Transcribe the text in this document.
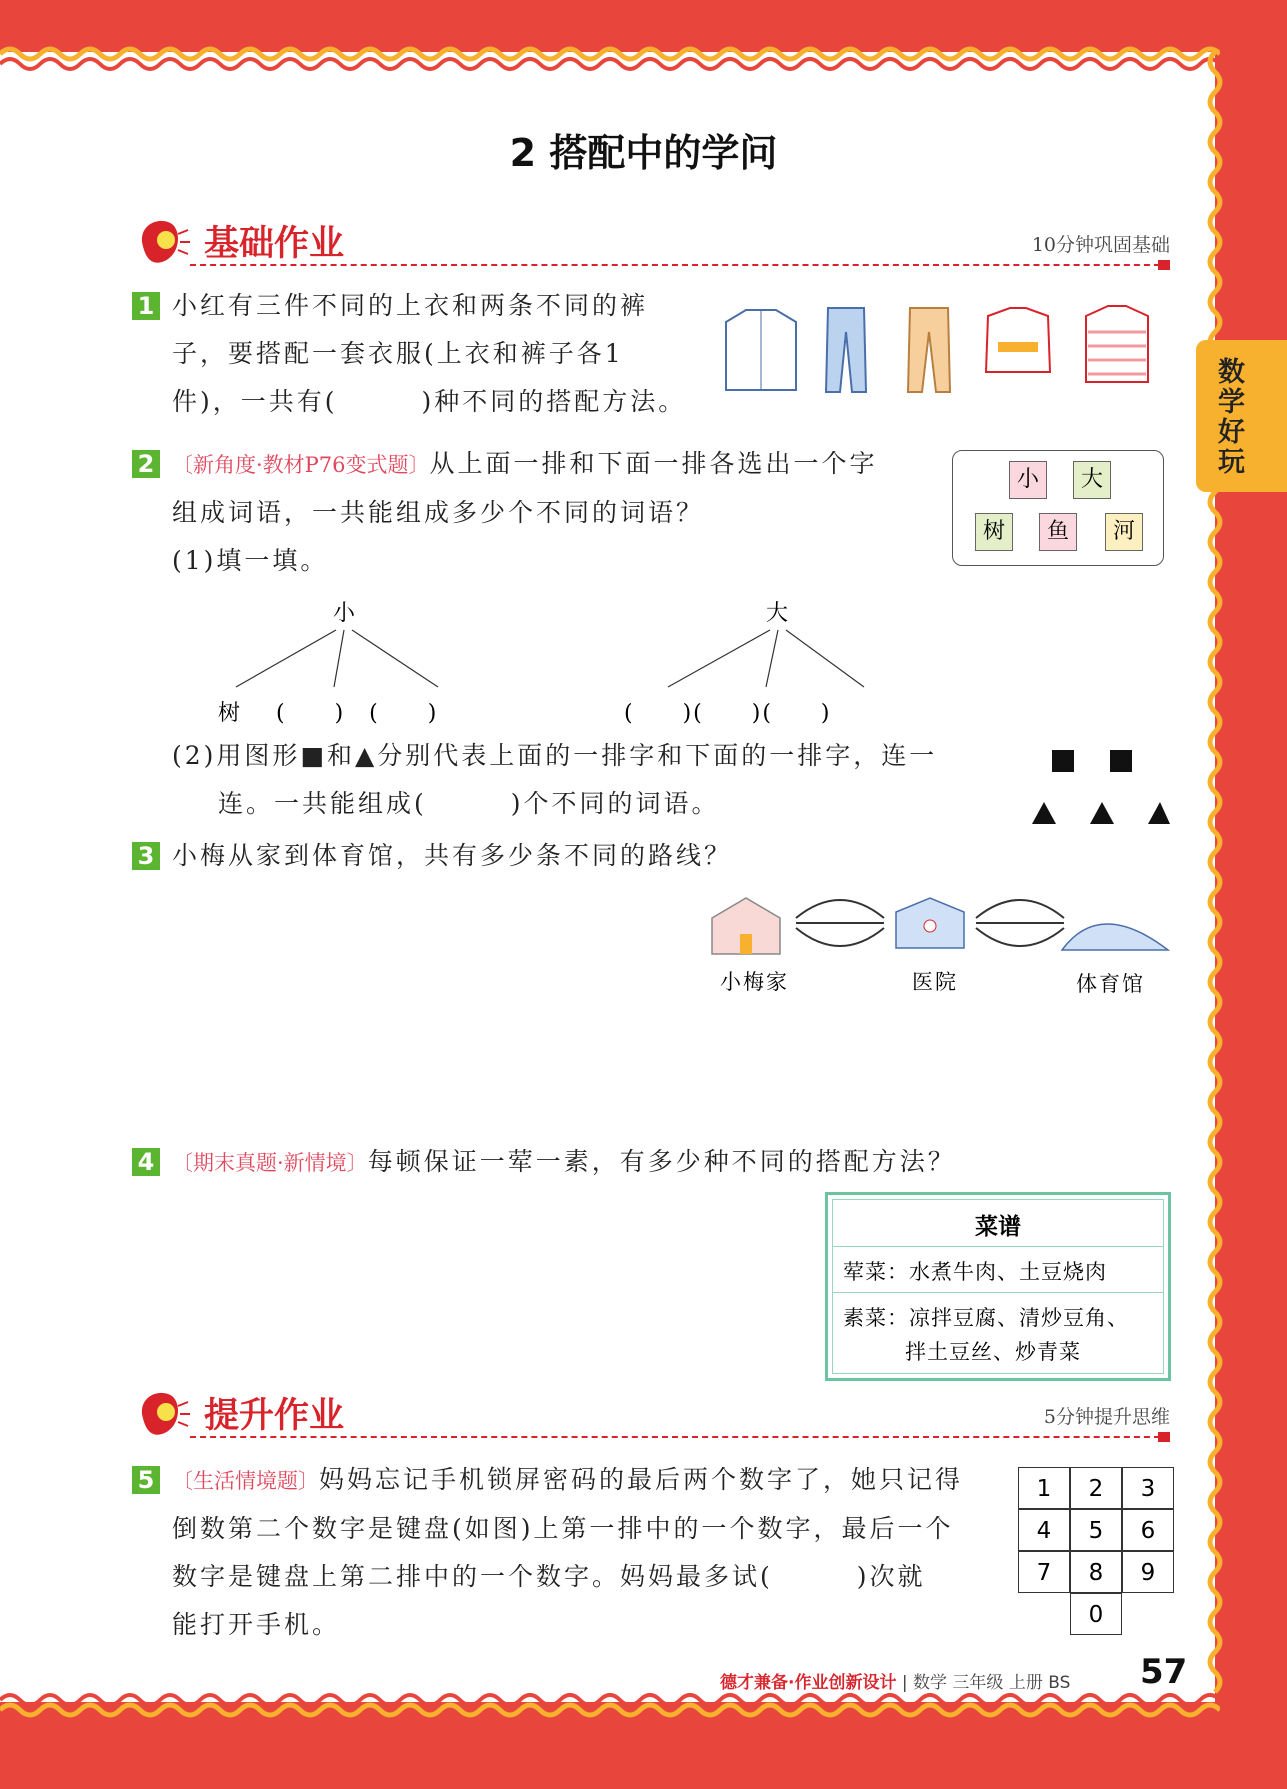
数学好玩
2 搭配中的学问
基础作业	10分钟巩固基础
1 小红有三件不同的上衣和两条不同的裤
子，要搭配一套衣服(上衣和裤子各1
件)，一共有(　　　)种不同的搭配方法。
2 〔新角度·教材P76变式题〕从上面一排和下面一排各选出一个字
组成词语，一共能组成多少个不同的词语？
(1)填一填。
小	大
树	鱼	河
小	大
树 (　　)　(　　)	(　　)(　　)(　　)
(2)用图形■和▲分别代表上面的一排字和下面的一排字，连一
连。一共能组成(　　　)个不同的词语。
3 小梅从家到体育馆，共有多少条不同的路线？
小梅家	医院	体育馆
4 〔期末真题·新情境〕每顿保证一荤一素，有多少种不同的搭配方法？
菜谱
荤菜：水煮牛肉、土豆烧肉
素菜：凉拌豆腐、清炒豆角、
拌土豆丝、炒青菜
提升作业	5分钟提升思维
5 〔生活情境题〕妈妈忘记手机锁屏密码的最后两个数字了，她只记得
倒数第二个数字是键盘(如图)上第一排中的一个数字，最后一个
数字是键盘上第二排中的一个数字。妈妈最多试(　　　)次就
能打开手机。
1	2	3
4	5	6
7	8	9
0
德才兼备·作业创新设计 | 数学 三年级 上册 BS 57
